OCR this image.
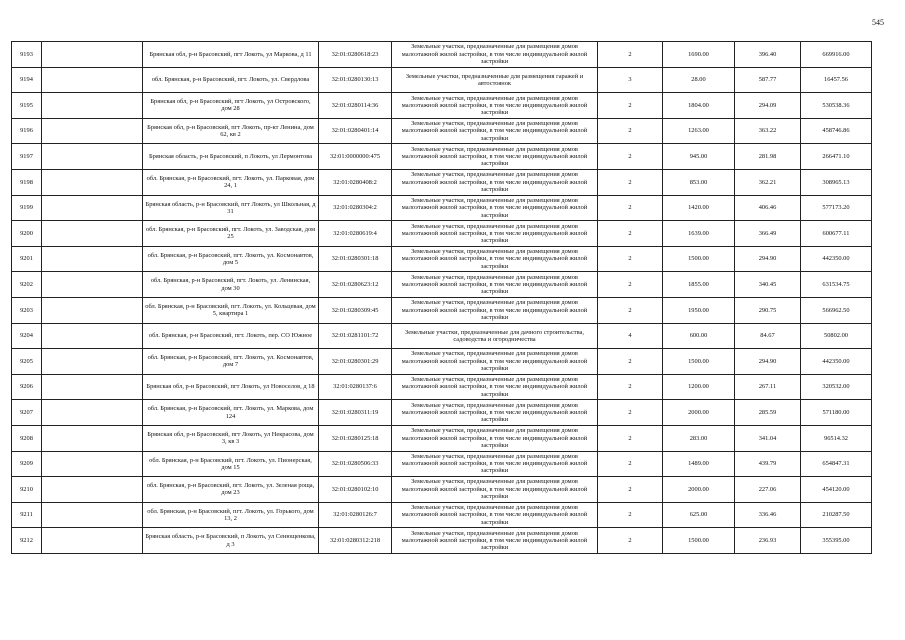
545
9193		Брянская обл, р-н Брасовский, пгт Локоть, ул Маркова, д 11	32:01:0280618:23	Земельные участки, предназначенные для размещения домов малоэтажной жилой застройки, в том числе индивидуальной жилой застройки	2	1690.00	396.40	669916.00
9194		обл. Брянская, р-н Брасовский, пгт. Локоть, ул. Свердлова	32:01:0280130:13	Земельные участки, предназначенные для размещения гаражей и автостоянок	3	28.00	587.77	16457.56
9195		Брянская обл, р-н Брасовский, пгт Локоть, ул Островского, дом 28	32:01:0280114:36	Земельные участки, предназначенные для размещения домов малоэтажной жилой застройки, в том числе индивидуальной жилой застройки	2	1804.00	294.09	530538.36
9196		Брянская обл, р-н Брасовский, пгт Локоть, пр-кт Ленина, дом 62, кв 2	32:01:0280401:14	Земельные участки, предназначенные для размещения домов малоэтажной жилой застройки, в том числе индивидуальной жилой застройки	2	1263.00	363.22	458746.86
9197		Брянская область, р-н Брасовский, п Локоть, ул Лермонтова	32:01:0000000:475	Земельные участки, предназначенные для размещения домов малоэтажной жилой застройки, в том числе индивидуальной жилой застройки	2	945.00	281.98	266471.10
9198		обл. Брянская, р-н Брасовский, пгт. Локоть, ул. Парковая, дом 24, 1	32:01:0280408:2	Земельные участки, предназначенные для размещения домов малоэтажной жилой застройки, в том числе индивидуальной жилой застройки	2	853.00	362.21	308965.13
9199		Брянская область, р-н Брасовский, пгт Локоть, ул Школьная, д 31	32:01:0280304:2	Земельные участки, предназначенные для размещения домов малоэтажной жилой застройки, в том числе индивидуальной жилой застройки	2	1420.00	406.46	577173.20
9200		обл. Брянская, р-н Брасовский, пгт. Локоть, ул. Заводская, дом 25	32:01:0280619:4	Земельные участки, предназначенные для размещения домов малоэтажной жилой застройки, в том числе индивидуальной жилой застройки	2	1639.00	366.49	600677.11
9201		обл. Брянская, р-н Брасовский, пгт. Локоть, ул. Космонавтов, дом 5	32:01:0280301:18	Земельные участки, предназначенные для размещения домов малоэтажной жилой застройки, в том числе индивидуальной жилой застройки	2	1500.00	294.90	442350.00
9202		обл. Брянская, р-н Брасовский, пгт. Локоть, ул. Ленинская, дом 30	32:01:0280623:12	Земельные участки, предназначенные для размещения домов малоэтажной жилой застройки, в том числе индивидуальной жилой застройки	2	1855.00	340.45	631534.75
9203		обл. Брянская, р-н Брасовский, пгт. Локоть, ул. Кольцевая, дом 5, квартира 1	32:01:0280309:45	Земельные участки, предназначенные для размещения домов малоэтажной жилой застройки, в том числе индивидуальной жилой застройки	2	1950.00	290.75	566962.50
9204		обл. Брянская, р-н Брасовский, пгт. Локоть, пер. СО Южное	32:01:0281101:72	Земельные участки, предназначенные для дачного строительства, садоводства и огородничества	4	600.00	84.67	50802.00
9205		обл. Брянская, р-н Брасовский, пгт. Локоть, ул. Космонавтов, дом 7	32:01:0280301:29	Земельные участки, предназначенные для размещения домов малоэтажной жилой застройки, в том числе индивидуальной жилой застройки	2	1500.00	294.90	442350.00
9206		Брянская обл, р-н Брасовский, пгт Локоть, ул Новоселов, д 18	32:01:0280137:6	Земельные участки, предназначенные для размещения домов малоэтажной жилой застройки, в том числе индивидуальной жилой застройки	2	1200.00	267.11	320532.00
9207		обл. Брянская, р-н Брасовский, пгт. Локоть, ул. Маркова, дом 124	32:01:0280311:19	Земельные участки, предназначенные для размещения домов малоэтажной жилой застройки, в том числе индивидуальной жилой застройки	2	2000.00	285.59	571180.00
9208		Брянская обл, р-н Брасовский, пгт Локоть, ул Некрасова, дом 3, кв 3	32:01:0280125:18	Земельные участки, предназначенные для размещения домов малоэтажной жилой застройки, в том числе индивидуальной жилой застройки	2	283.00	341.04	96514.32
9209		обл. Брянская, р-н Брасовский, пгт. Локоть, ул. Пионерская, дом 15	32:01:0280506:33	Земельные участки, предназначенные для размещения домов малоэтажной жилой застройки, в том числе индивидуальной жилой застройки	2	1489.00	439.79	654847.31
9210		обл. Брянская, р-н Брасовский, пгт. Локоть, ул. Зеленая роща, дом 23	32:01:0280102:10	Земельные участки, предназначенные для размещения домов малоэтажной жилой застройки, в том числе индивидуальной жилой застройки	2	2000.00	227.06	454120.00
9211		обл. Брянская, р-н Брасовский, пгт. Локоть, ул. Горького, дом 13, 2	32:01:0280126:7	Земельные участки, предназначенные для размещения домов малоэтажной жилой застройки, в том числе индивидуальной жилой застройки	2	625.00	336.46	210287.50
9212		Брянская область, р-н Брасовский, п Локоть, ул Сенющенкова, д 3	32:01:0280312:218	Земельные участки, предназначенные для размещения домов малоэтажной жилой застройки, в том числе индивидуальной жилой застройки	2	1500.00	236.93	355395.00
